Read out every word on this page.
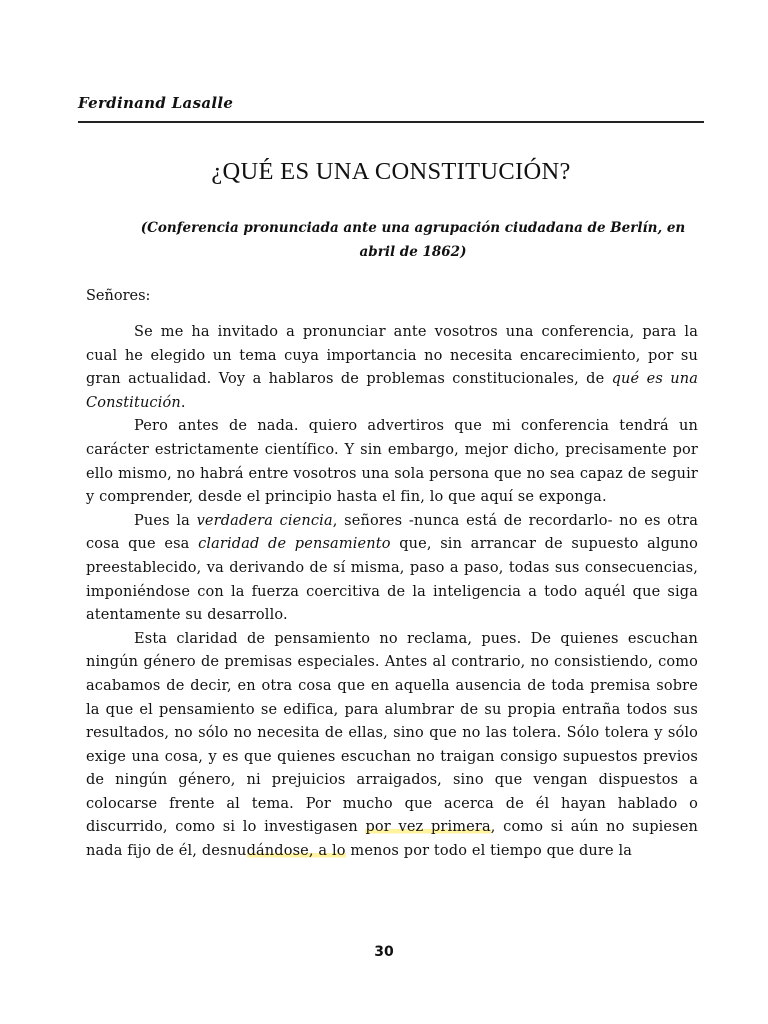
Ferdinand Lasalle
¿QUÉ ES UNA CONSTITUCIÓN?
(Conferencia pronunciada ante una agrupación ciudadana de Berlín, en abril de 1862)
Señores:

Se me ha invitado a pronunciar ante vosotros una conferencia, para la cual he elegido un tema cuya importancia no necesita encarecimiento, por su gran actualidad. Voy a hablaros de problemas constitucionales, de qué es una Constitución.

Pero antes de nada. quiero advertiros que mi conferencia tendrá un carácter estrictamente científico. Y sin embargo, mejor dicho, precisamente por ello mismo, no habrá entre vosotros una sola persona que no sea capaz de seguir y comprender, desde el principio hasta el fin, lo que aquí se exponga.

Pues la verdadera ciencia, señores -nunca está de recordarlo- no es otra cosa que esa claridad de pensamiento que, sin arrancar de supuesto alguno preestablecido, va derivando de sí misma, paso a paso, todas sus consecuencias, imponiéndose con la fuerza coercitiva de la inteligencia a todo aquél que siga atentamente su desarrollo.

Esta claridad de pensamiento no reclama, pues. De quienes escuchan ningún género de premisas especiales. Antes al contrario, no consistiendo, como acabamos de decir, en otra cosa que en aquella ausencia de toda premisa sobre la que el pensamiento se edifica, para alumbrar de su propia entraña todos sus resultados, no sólo no necesita de ellas, sino que no las tolera. Sólo tolera y sólo exige una cosa, y es que quienes escuchan no traigan consigo supuestos previos de ningún género, ni prejuicios arraigados, sino que vengan dispuestos a colocarse frente al tema. Por mucho que acerca de él hayan hablado o discurrido, como si lo investigasen por vez primera, como si aún no supiesen nada fijo de él, desnudándose, a lo menos por todo el tiempo que dure la

30
